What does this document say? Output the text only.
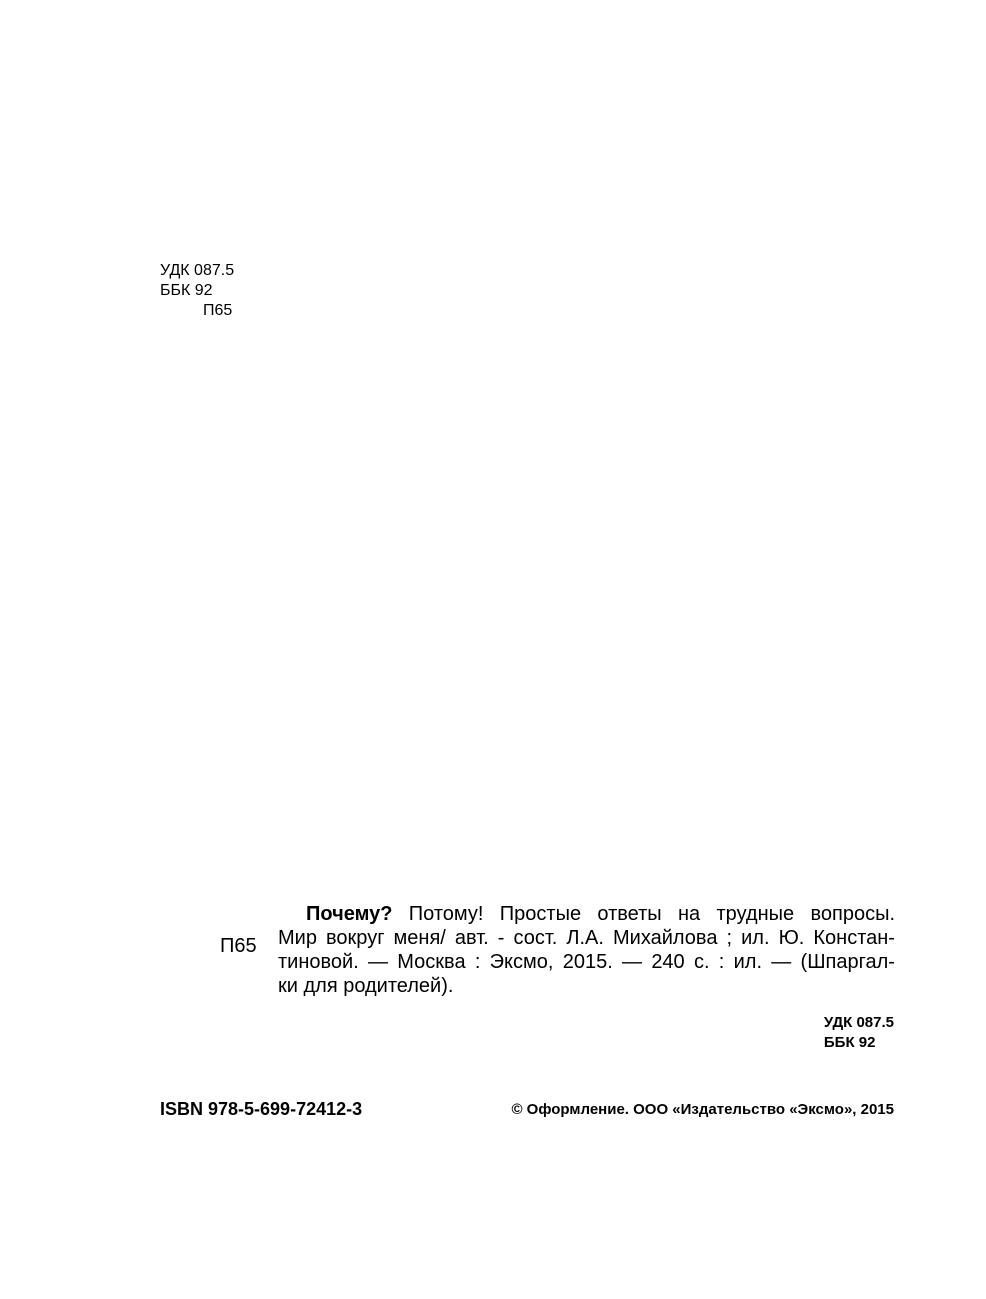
УДК 087.5
ББК 92
П65
П65
Почему? Потому! Простые ответы на трудные вопросы.
Мир вокруг меня/ авт. - сост. Л.А. Михайлова ; ил. Ю. Констан-
тиновой. — Москва : Эксмо, 2015. — 240 с. : ил. — (Шпаргал-
ки для родителей).
УДК 087.5
ББК 92
ISBN 978-5-699-72412-3	© Оформление. ООО «Издательство «Эксмо», 2015
